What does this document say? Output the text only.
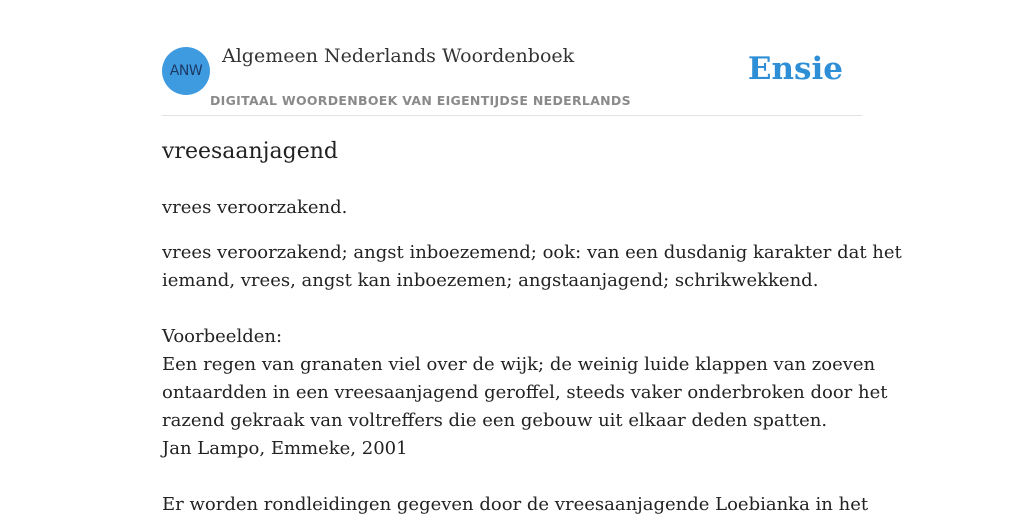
ANW
Algemeen Nederlands Woordenboek
DIGITAAL WOORDENBOEK VAN EIGENTIJDSE NEDERLANDS
Ensie
vreesaanjagend
vrees veroorzakend.
vrees veroorzakend; angst inboezemend; ook: van een dusdanig karakter dat het
iemand, vrees, angst kan inboezemen; angstaanjagend; schrikwekkend.
Voorbeelden:
Een regen van granaten viel over de wijk; de weinig luide klappen van zoeven
ontaardden in een vreesaanjagend geroffel, steeds vaker onderbroken door het
razend gekraak van voltreffers die een gebouw uit elkaar deden spatten.
Jan Lampo, Emmeke, 2001
Er worden rondleidingen gegeven door de vreesaanjagende Loebianka in het
